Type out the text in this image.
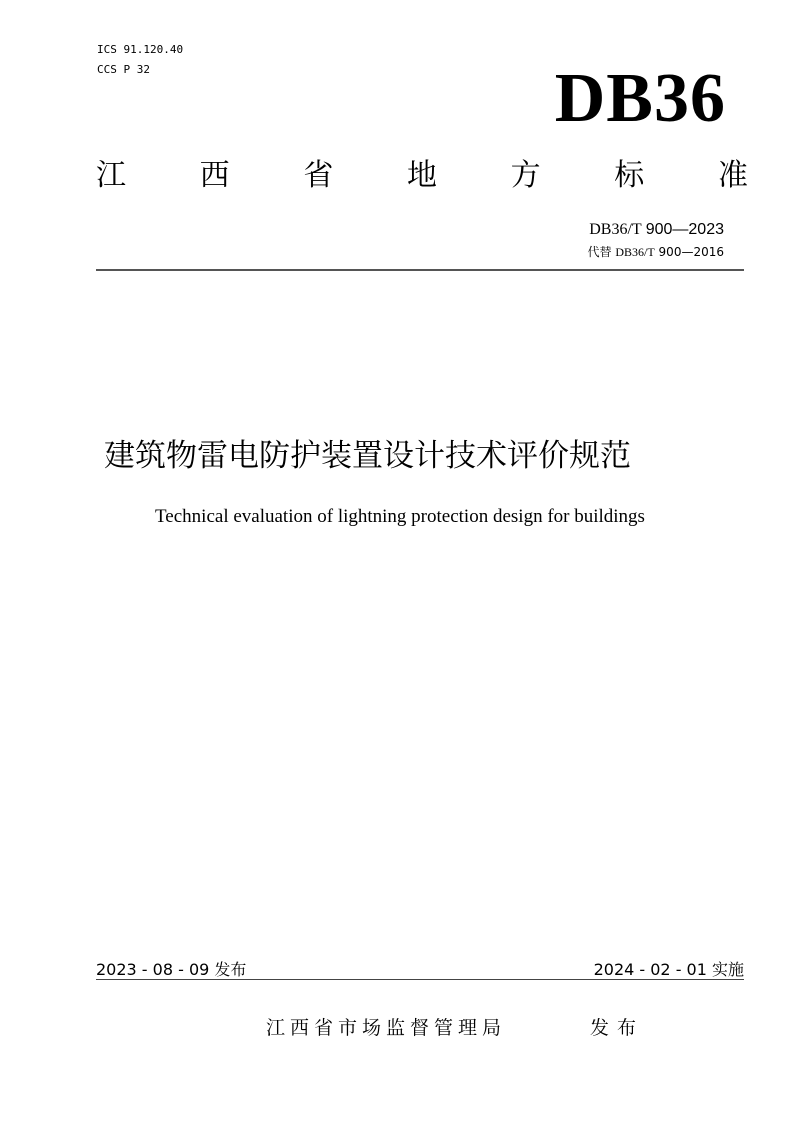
ICS 91.120.40
CCS P 32	DB36
江 西 省 地 方 标 准
DB36/T 900—2023
代替 DB36/T 900—2016
建筑物雷电防护装置设计技术评价规范
Technical evaluation of lightning protection design for buildings
2023 - 08 - 09 发布	2024 - 02 - 01 实施
江西省市场监督管理局	发布
